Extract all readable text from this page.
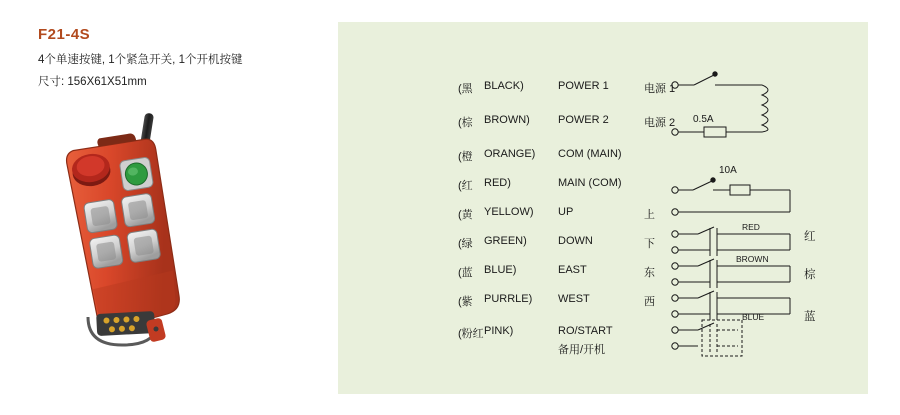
F21-4S
4个单速按键, 1个紧急开关, 1个开机按键
尺寸: 156X61X51mm
0.5A
10A
RED
BROWN
BLUE
红
棕
蓝
(黑	BLACK)	POWER 1	电源 1

(棕	BROWN)	POWER 2	电源 2

(橙	ORANGE)	COM (MAIN)	

(红	RED)	MAIN (COM)	

(黄	YELLOW)	UP	上

(绿	GREEN)	DOWN	下

(蓝	BLUE)	EAST	东

(紫	PURRLE)	WEST	西

(粉红	PINK)	RO/START	
		备用/开机	
